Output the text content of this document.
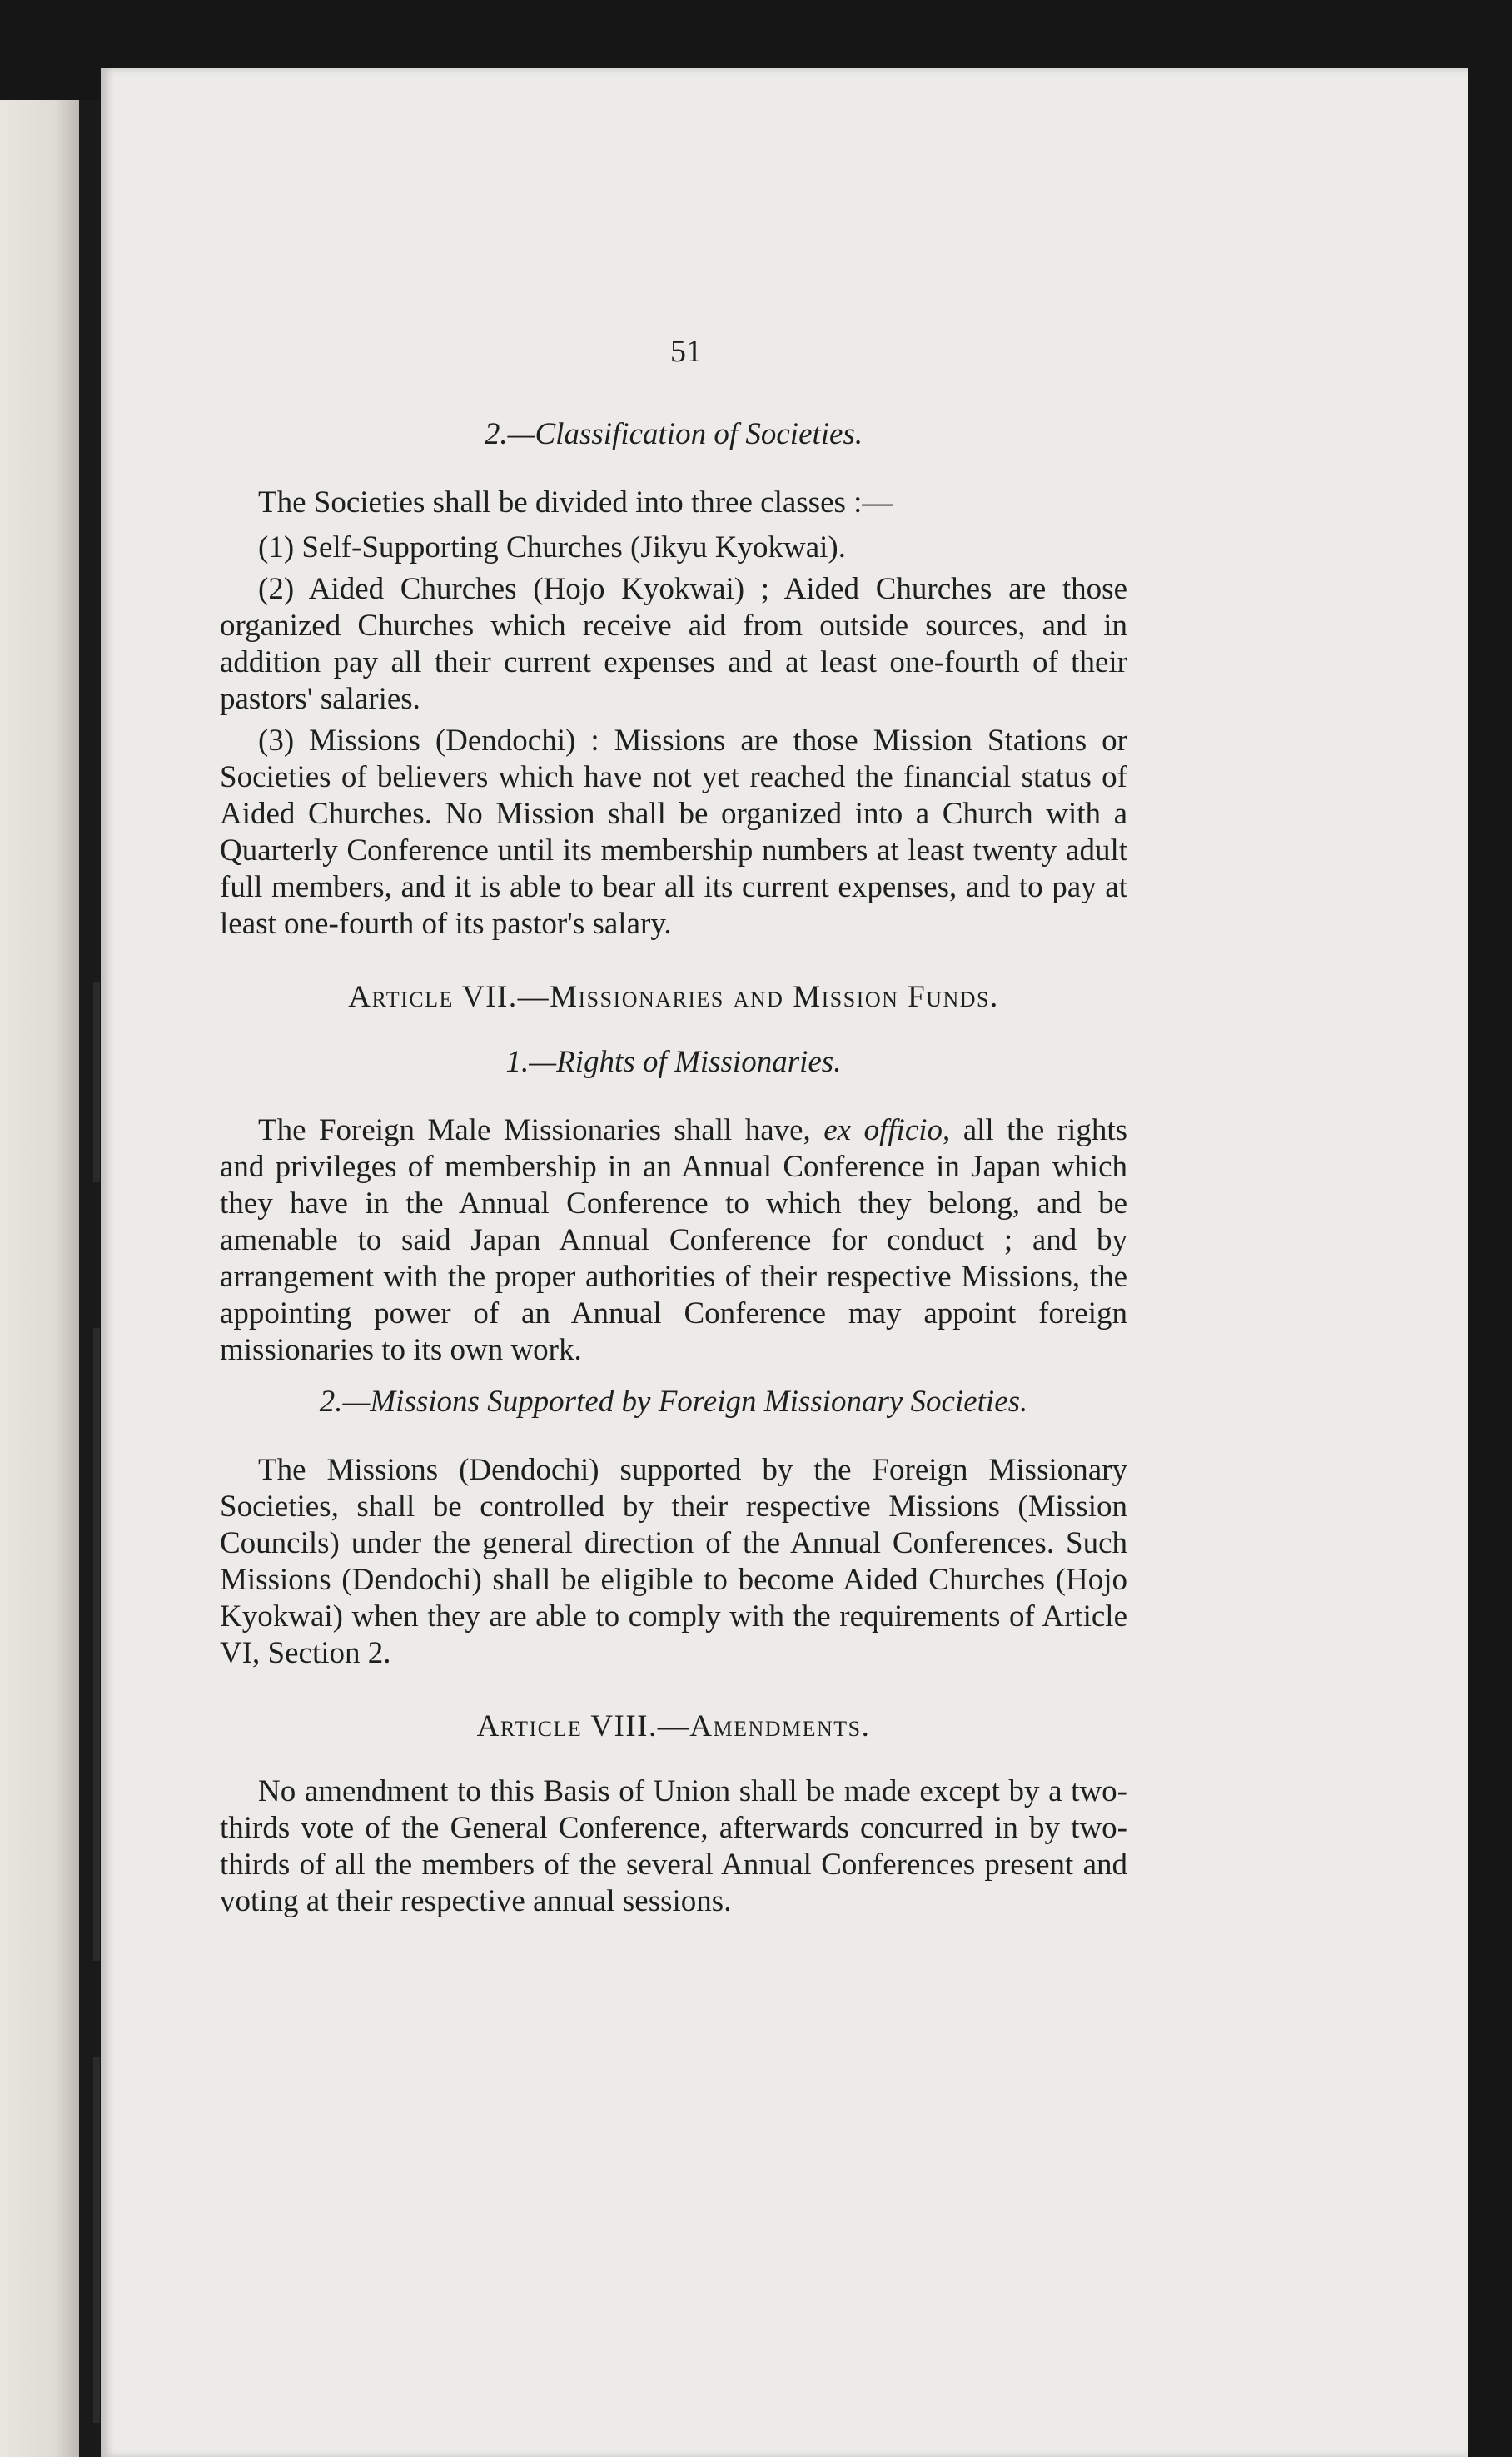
51
2.—Classification of Societies.

The Societies shall be divided into three classes :—

(1) Self-Supporting Churches (Jikyu Kyokwai).

(2) Aided Churches (Hojo Kyokwai) ; Aided Churches are those organized Churches which receive aid from outside sources, and in addition pay all their current expenses and at least one-fourth of their pastors' salaries.

(3) Missions (Dendochi) : Missions are those Mission Stations or Societies of believers which have not yet reached the financial status of Aided Churches. No Mission shall be organized into a Church with a Quarterly Conference until its membership numbers at least twenty adult full members, and it is able to bear all its current expenses, and to pay at least one-fourth of its pastor's salary.

Article VII.—Missionaries and Mission Funds.
1.—Rights of Missionaries.

The Foreign Male Missionaries shall have, ex officio, all the rights and privileges of membership in an Annual Conference in Japan which they have in the Annual Conference to which they belong, and be amenable to said Japan Annual Conference for conduct ; and by arrangement with the proper authorities of their respective Missions, the appointing power of an Annual Conference may appoint foreign missionaries to its own work.

2.—Missions Supported by Foreign Missionary Societies.

The Missions (Dendochi) supported by the Foreign Missionary Societies, shall be controlled by their respective Missions (Mission Councils) under the general direction of the Annual Conferences. Such Missions (Dendochi) shall be eligible to become Aided Churches (Hojo Kyokwai) when they are able to comply with the requirements of Article VI, Section 2.

Article VIII.—Amendments.

No amendment to this Basis of Union shall be made except by a two-thirds vote of the General Conference, afterwards concurred in by two-thirds of all the members of the several Annual Conferences present and voting at their respective annual sessions.
